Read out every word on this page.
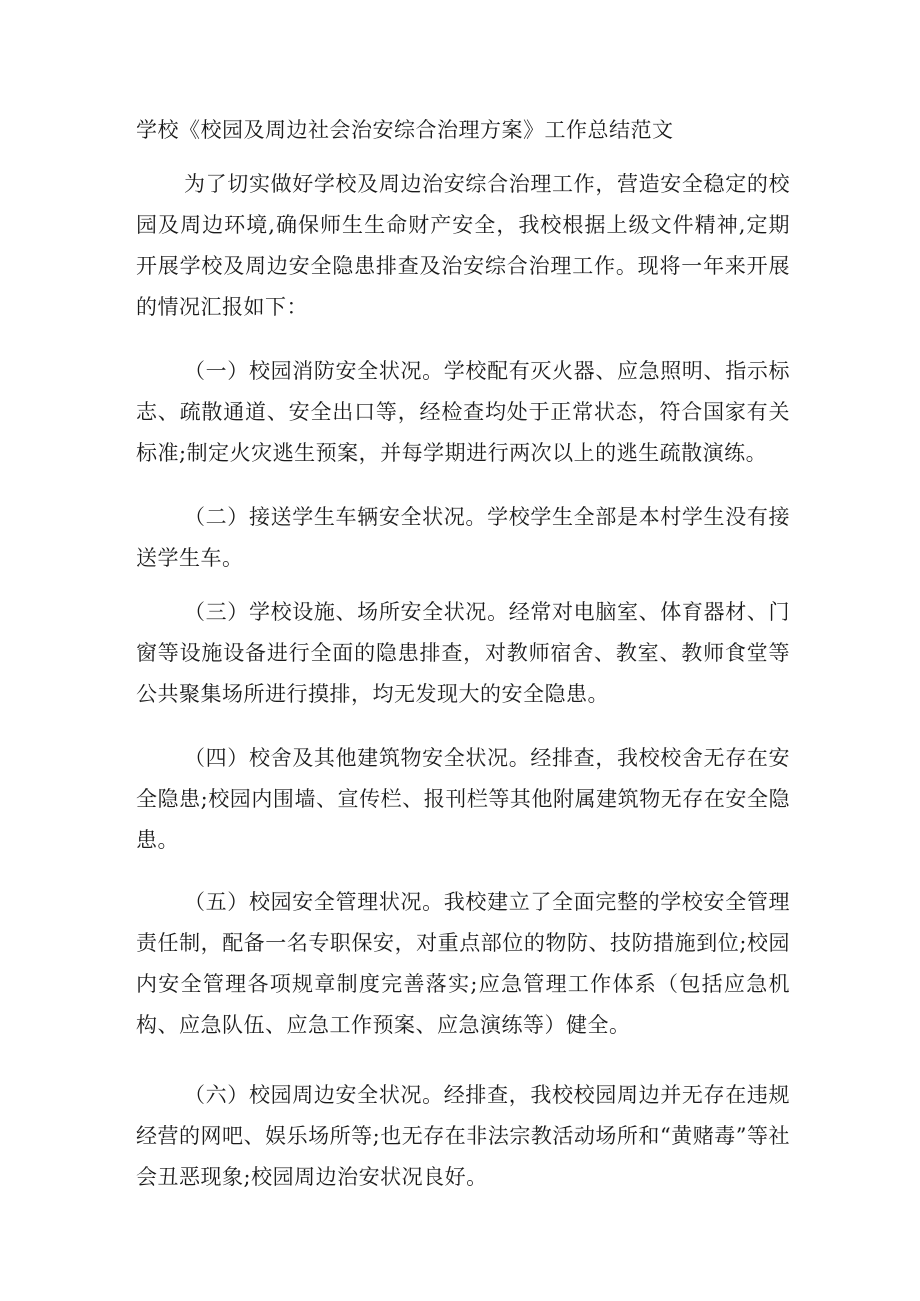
学校《校园及周边社会治安综合治理方案》工作总结范文

为了切实做好学校及周边治安综合治理工作，营造安全稳定的校园及周边环境,确保师生生命财产安全，我校根据上级文件精神,定期开展学校及周边安全隐患排查及治安综合治理工作。现将一年来开展的情况汇报如下：

（一）校园消防安全状况。学校配有灭火器、应急照明、指示标志、疏散通道、安全出口等，经检查均处于正常状态，符合国家有关标准;制定火灾逃生预案，并每学期进行两次以上的逃生疏散演练。

（二）接送学生车辆安全状况。学校学生全部是本村学生没有接送学生车。

（三）学校设施、场所安全状况。经常对电脑室、体育器材、门窗等设施设备进行全面的隐患排查，对教师宿舍、教室、教师食堂等公共聚集场所进行摸排，均无发现大的安全隐患。

（四）校舍及其他建筑物安全状况。经排查，我校校舍无存在安全隐患;校园内围墙、宣传栏、报刊栏等其他附属建筑物无存在安全隐患。

（五）校园安全管理状况。我校建立了全面完整的学校安全管理责任制，配备一名专职保安，对重点部位的物防、技防措施到位;校园内安全管理各项规章制度完善落实;应急管理工作体系（包括应急机构、应急队伍、应急工作预案、应急演练等）健全。

（六）校园周边安全状况。经排查，我校校园周边并无存在违规经营的网吧、娱乐场所等;也无存在非法宗教活动场所和“黄赌毒”等社会丑恶现象;校园周边治安状况良好。
